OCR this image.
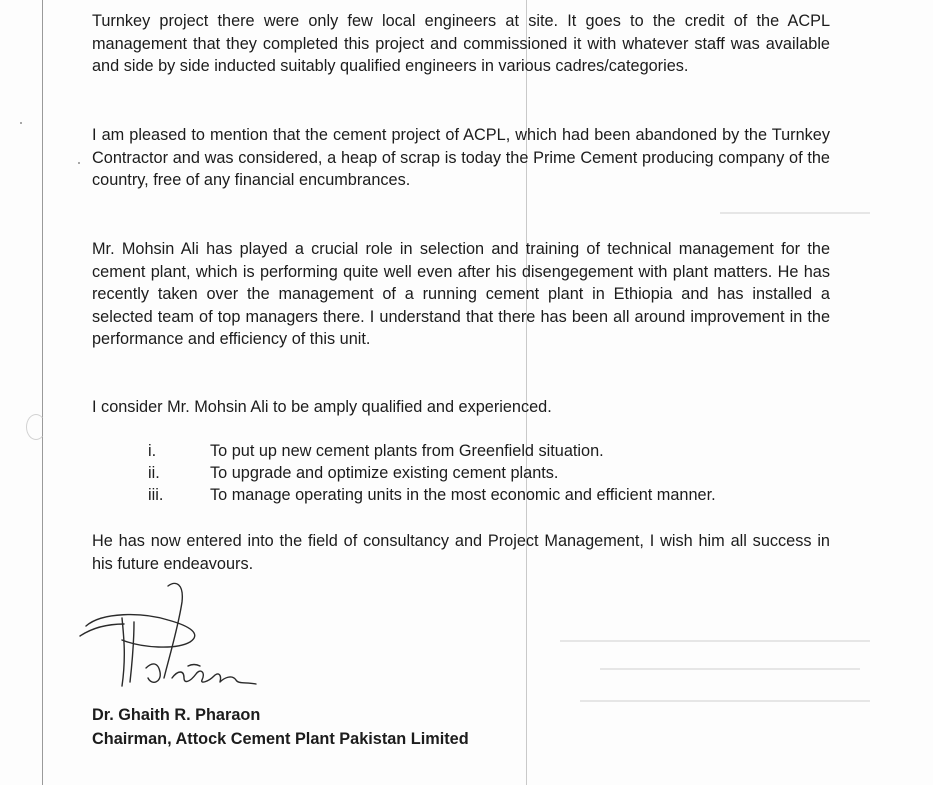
Turnkey project there were only few local engineers at site. It goes to the credit of the ACPL management that they completed this project and commissioned it with whatever staff was available and side by side inducted suitably qualified engineers in various cadres/categories.

I am pleased to mention that the cement project of ACPL, which had been abandoned by the Turnkey Contractor and was considered, a heap of scrap is today the Prime Cement producing company of the country, free of any financial encumbrances.

Mr. Mohsin Ali has played a crucial role in selection and training of technical management for the cement plant, which is performing quite well even after his disengegement with plant matters. He has recently taken over the management of a running cement plant in Ethiopia and has installed a selected team of top managers there. I understand that there has been all around improvement in the performance and efficiency of this unit.

I consider Mr. Mohsin Ali to be amply qualified and experienced.

i.	To put up new cement plants from Greenfield situation.
ii.	To upgrade and optimize existing cement plants.
iii.	To manage operating units in the most economic and efficient manner.

He has now entered into the field of consultancy and Project Management, I wish him all success in his future endeavours.

Dr. Ghaith R. Pharaon
Chairman, Attock Cement Plant Pakistan Limited
